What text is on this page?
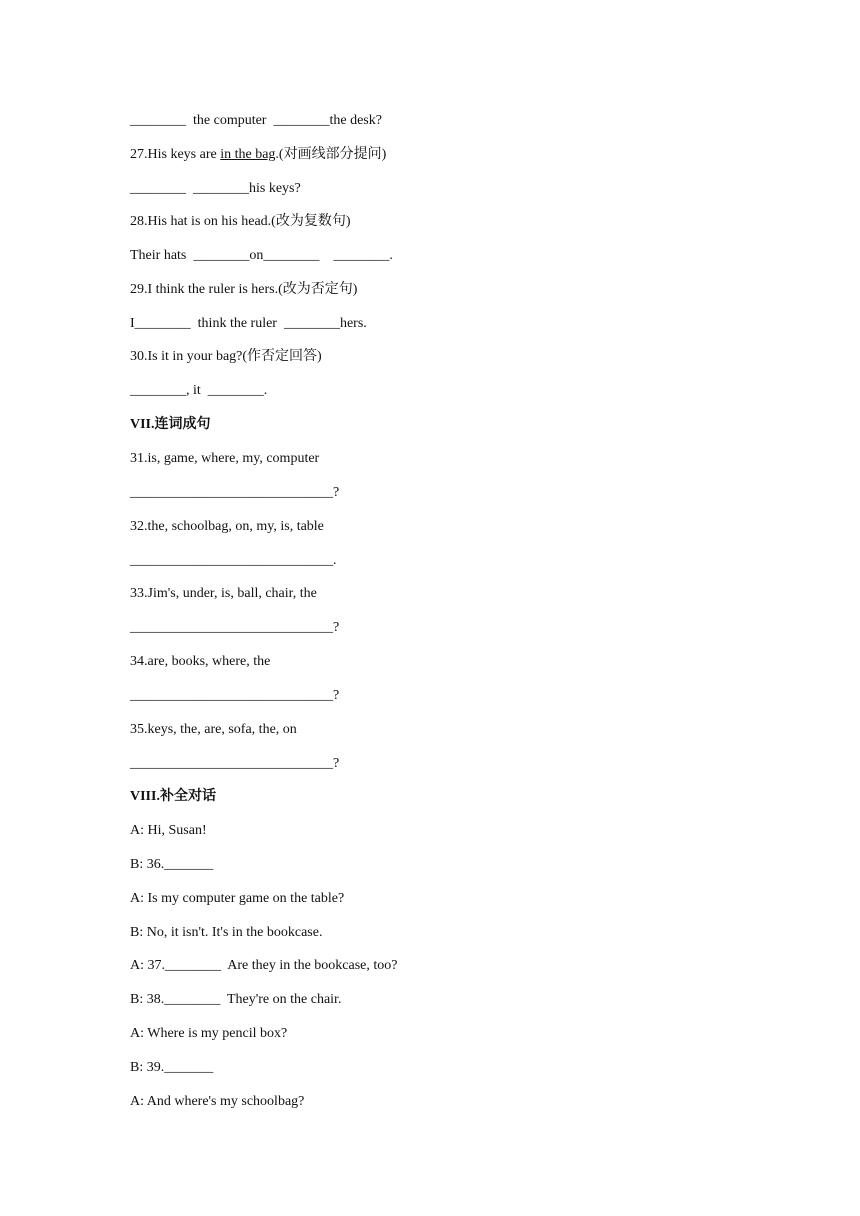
________  the computer  ________the desk?

27.His keys are in the bag.(对画线部分提问)

________  ________his keys?

28.His hat is on his head.(改为复数句)

Their hats  ________on________    ________.

29.I think the ruler is hers.(改为否定句)

I________  think the ruler  ________hers.

30.Is it in your bag?(作否定回答)

________, it  ________.

VII.连词成句

31.is, game, where, my, computer

_____________________________?

32.the, schoolbag, on, my, is, table

_____________________________.

33.Jim's, under, is, ball, chair, the

_____________________________?

34.are, books, where, the

_____________________________?

35.keys, the, are, sofa, the, on

_____________________________?

VIII.补全对话

A: Hi, Susan!

B: 36._______

A: Is my computer game on the table?

B: No, it isn't. It's in the bookcase.

A: 37.________  Are they in the bookcase, too?

B: 38.________  They're on the chair.

A: Where is my pencil box?

B: 39._______

A: And where's my schoolbag?
